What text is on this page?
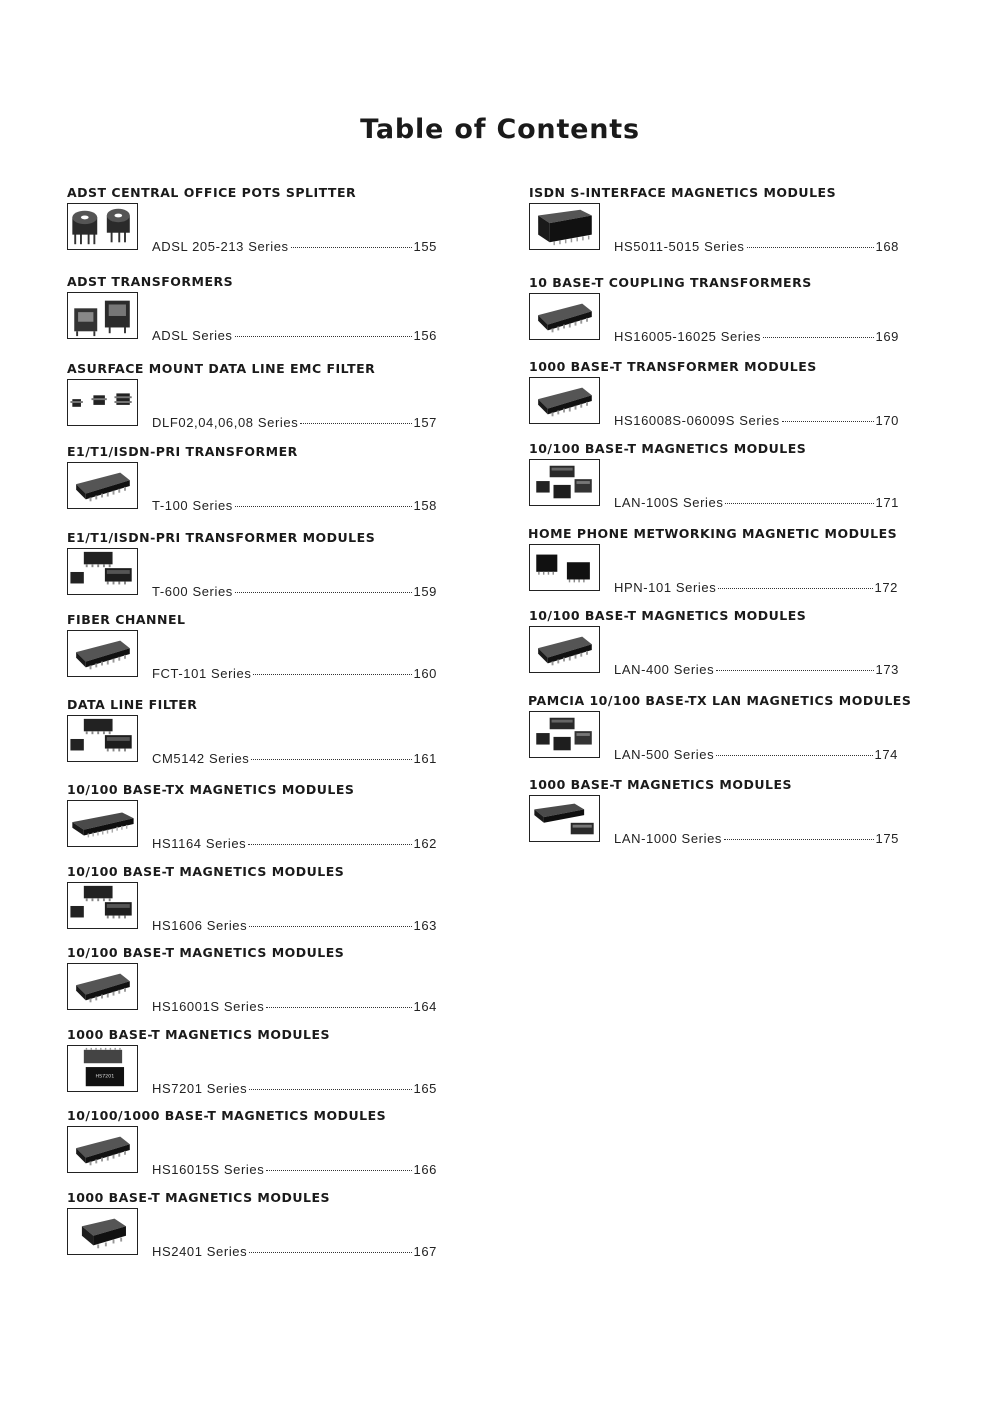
Table of Contents
ADST CENTRAL OFFICE POTS SPLITTER
ADSL 205-213 Series	155
ADST TRANSFORMERS
ADSL Series	156
ASURFACE MOUNT DATA LINE EMC FILTER
DLF02,04,06,08 Series	157
E1/T1/ISDN-PRI TRANSFORMER
T-100 Series	158
E1/T1/ISDN-PRI TRANSFORMER MODULES
T-600 Series	159
FIBER CHANNEL
FCT-101 Series	160
DATA LINE FILTER
CM5142 Series	161
10/100 BASE-TX MAGNETICS MODULES
HS1164 Series	162
10/100 BASE-T MAGNETICS MODULES
HS1606 Series	163
10/100 BASE-T MAGNETICS MODULES
HS16001S Series	164
1000 BASE-T MAGNETICS MODULES
HS7201
HS7201 Series	165
10/100/1000 BASE-T MAGNETICS MODULES
HS16015S Series	166
1000 BASE-T MAGNETICS MODULES
HS2401 Series	167
ISDN S-INTERFACE MAGNETICS MODULES
HS5011-5015 Series	168
10 BASE-T COUPLING TRANSFORMERS
HS16005-16025 Series	169
1000 BASE-T TRANSFORMER MODULES
HS16008S-06009S Series	170
10/100 BASE-T MAGNETICS MODULES
LAN-100S Series	171
HOME PHONE METWORKING MAGNETIC MODULES
HPN-101 Series	172
10/100 BASE-T MAGNETICS MODULES
LAN-400 Series	173
PAMCIA 10/100 BASE-TX LAN MAGNETICS MODULES
LAN-500 Series	174
1000 BASE-T MAGNETICS MODULES
LAN-1000 Series	175
